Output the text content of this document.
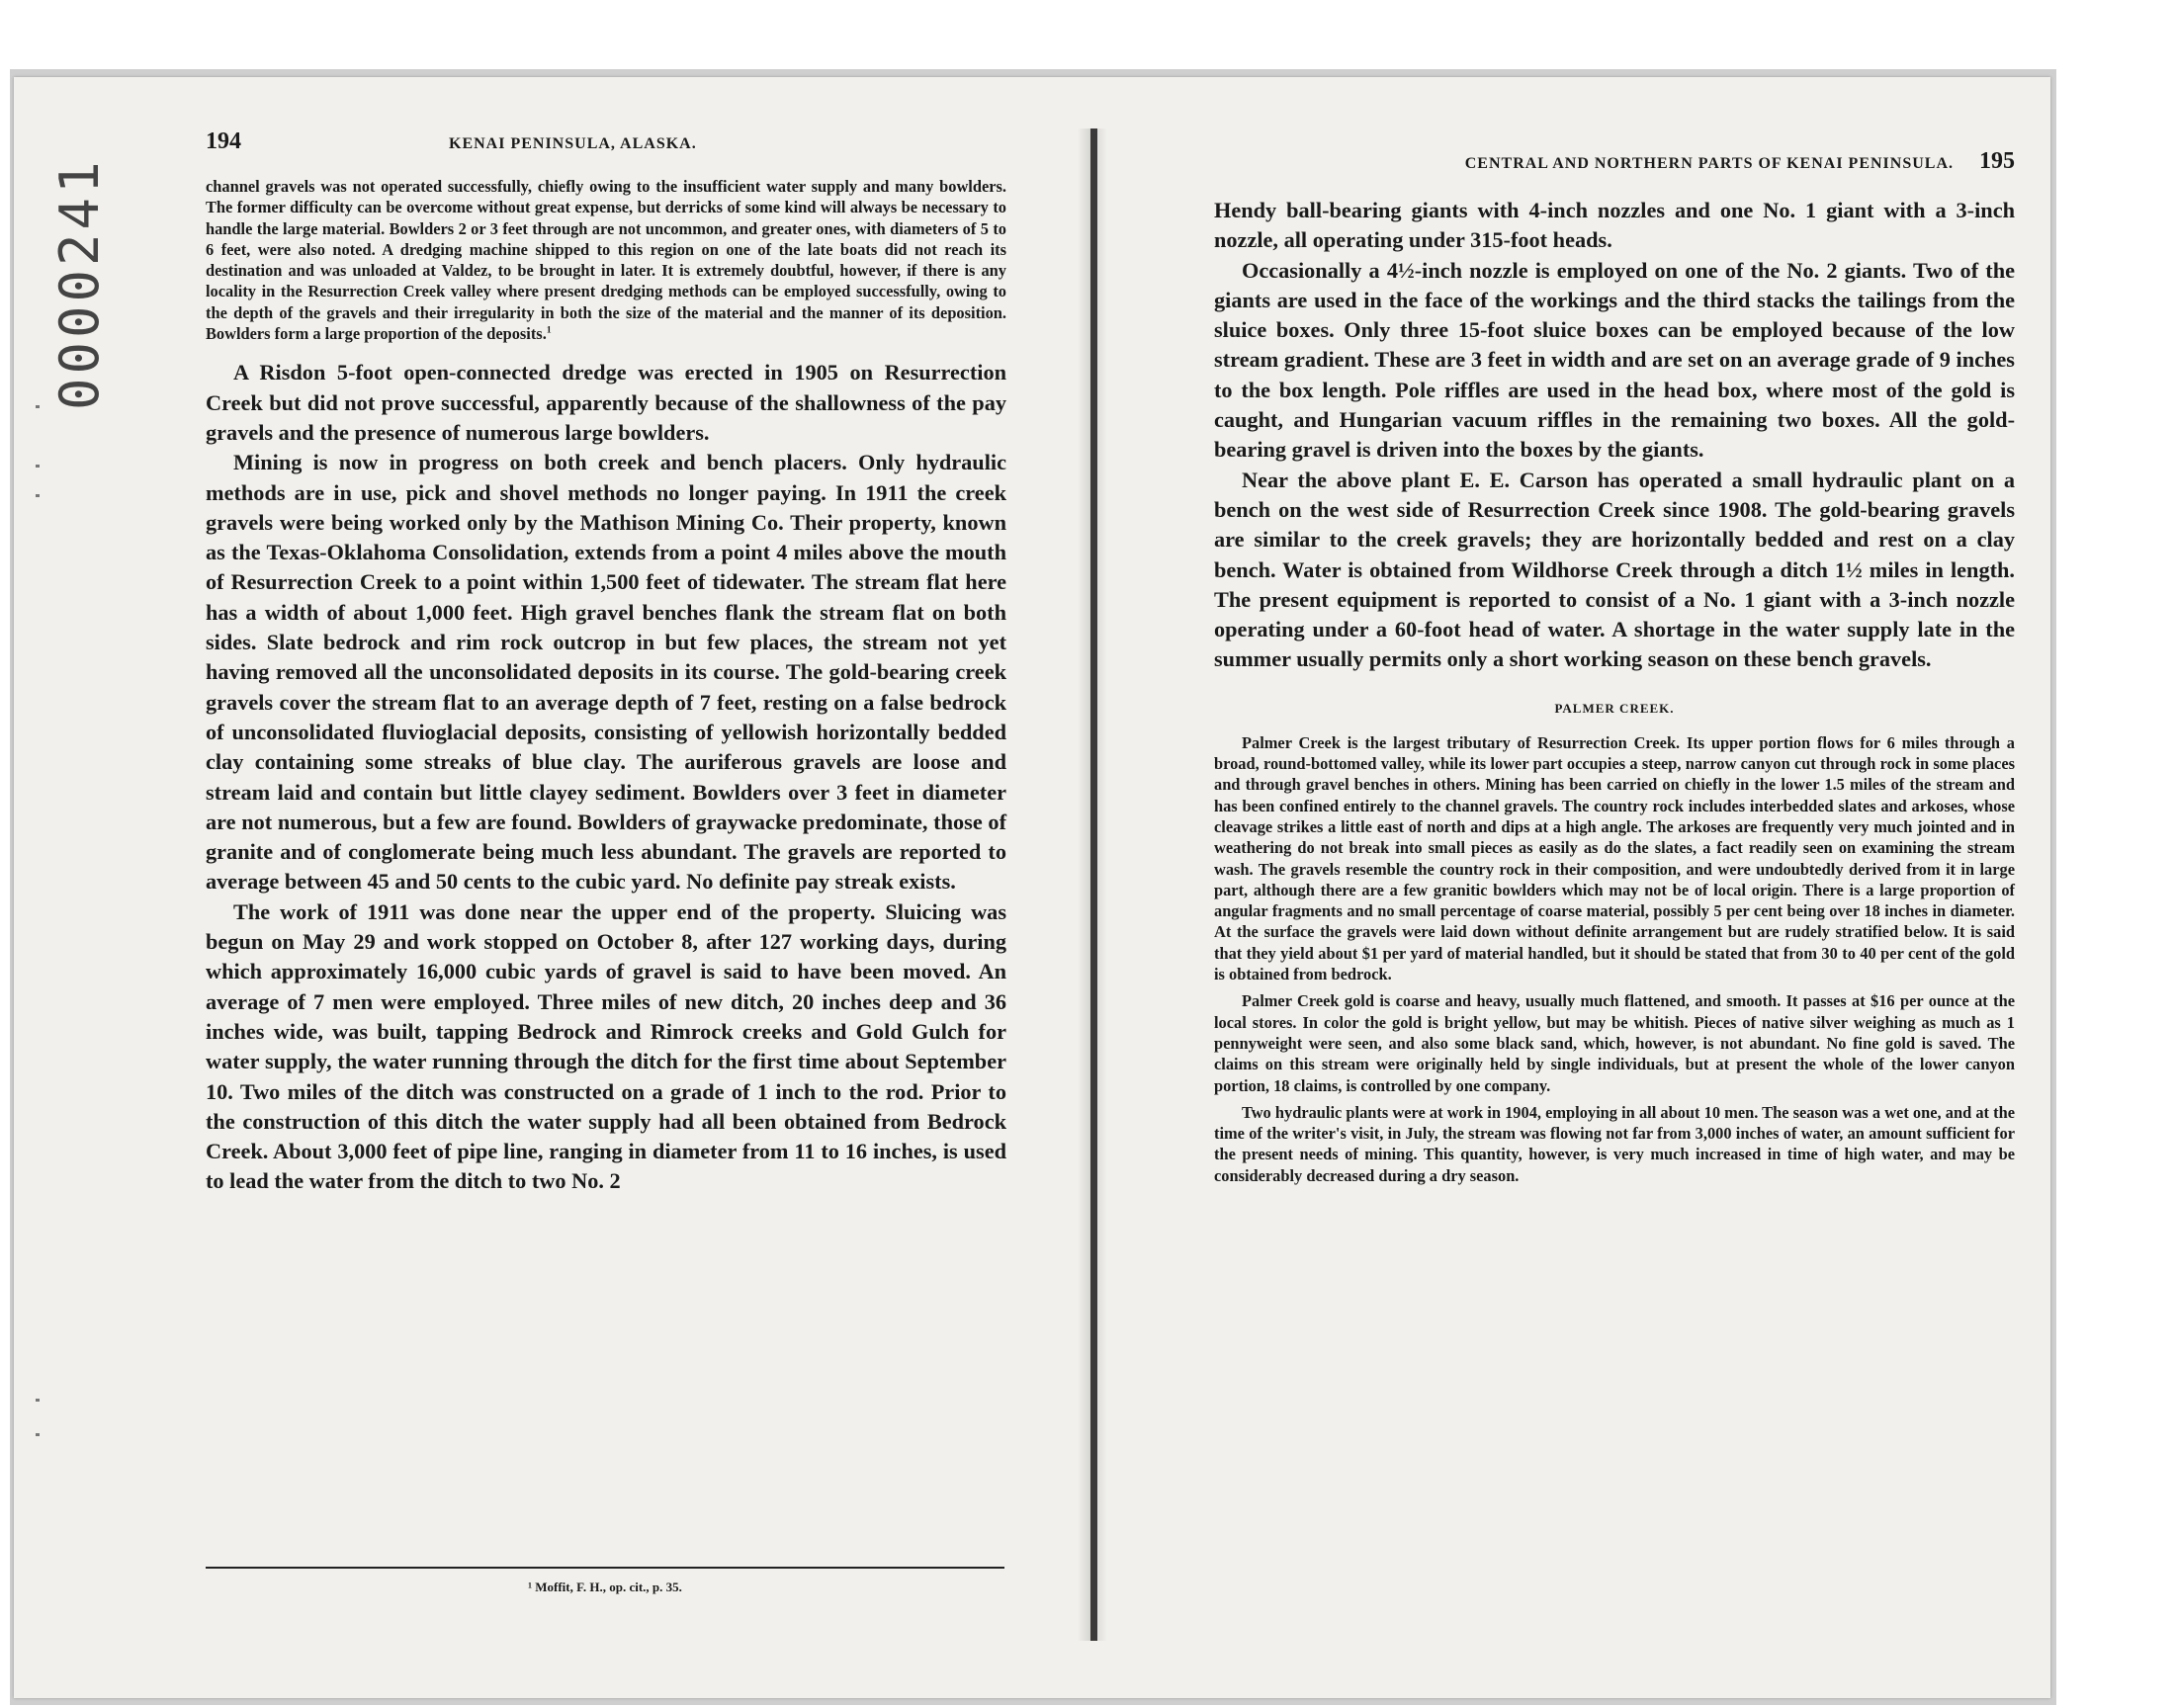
0000241
194	KENAI PENINSULA, ALASKA.

channel gravels was not operated successfully, chiefly owing to the insufficient water supply and many bowlders. The former difficulty can be overcome without great expense, but derricks of some kind will always be necessary to handle the large material. Bowlders 2 or 3 feet through are not uncommon, and greater ones, with diameters of 5 to 6 feet, were also noted. A dredging machine shipped to this region on one of the late boats did not reach its destination and was unloaded at Valdez, to be brought in later. It is extremely doubtful, however, if there is any locality in the Resurrection Creek valley where present dredging methods can be employed successfully, owing to the depth of the gravels and their irregularity in both the size of the material and the manner of its deposition. Bowlders form a large proportion of the deposits.$^1$

A Risdon 5-foot open-connected dredge was erected in 1905 on Resurrection Creek but did not prove successful, apparently because of the shallowness of the pay gravels and the presence of numerous large bowlders.

Mining is now in progress on both creek and bench placers. Only hydraulic methods are in use, pick and shovel methods no longer paying. In 1911 the creek gravels were being worked only by the Mathison Mining Co. Their property, known as the Texas-Oklahoma Consolidation, extends from a point 4 miles above the mouth of Resurrection Creek to a point within 1,500 feet of tidewater. The stream flat here has a width of about 1,000 feet. High gravel benches flank the stream flat on both sides. Slate bedrock and rim rock outcrop in but few places, the stream not yet having removed all the unconsolidated deposits in its course. The gold-bearing creek gravels cover the stream flat to an average depth of 7 feet, resting on a false bedrock of unconsolidated fluvioglacial deposits, consisting of yellowish horizontally bedded clay containing some streaks of blue clay. The auriferous gravels are loose and stream laid and contain but little clayey sediment. Bowlders over 3 feet in diameter are not numerous, but a few are found. Bowlders of graywacke predominate, those of granite and of conglomerate being much less abundant. The gravels are reported to average between 45 and 50 cents to the cubic yard. No definite pay streak exists.

The work of 1911 was done near the upper end of the property. Sluicing was begun on May 29 and work stopped on October 8, after 127 working days, during which approximately 16,000 cubic yards of gravel is said to have been moved. An average of 7 men were employed. Three miles of new ditch, 20 inches deep and 36 inches wide, was built, tapping Bedrock and Rimrock creeks and Gold Gulch for water supply, the water running through the ditch for the first time about September 10. Two miles of the ditch was constructed on a grade of 1 inch to the rod. Prior to the construction of this ditch the water supply had all been obtained from Bedrock Creek. About 3,000 feet of pipe line, ranging in diameter from 11 to 16 inches, is used to lead the water from the ditch to two No. 2

¹ Moffit, F. H., op. cit., p. 35.
CENTRAL AND NORTHERN PARTS OF KENAI PENINSULA. 195

Hendy ball-bearing giants with 4-inch nozzles and one No. 1 giant with a 3-inch nozzle, all operating under 315-foot heads.

Occasionally a 4½-inch nozzle is employed on one of the No. 2 giants. Two of the giants are used in the face of the workings and the third stacks the tailings from the sluice boxes. Only three 15-foot sluice boxes can be employed because of the low stream gradient. These are 3 feet in width and are set on an average grade of 9 inches to the box length. Pole riffles are used in the head box, where most of the gold is caught, and Hungarian vacuum riffles in the remaining two boxes. All the gold-bearing gravel is driven into the boxes by the giants.

Near the above plant E. E. Carson has operated a small hydraulic plant on a bench on the west side of Resurrection Creek since 1908. The gold-bearing gravels are similar to the creek gravels; they are horizontally bedded and rest on a clay bench. Water is obtained from Wildhorse Creek through a ditch 1½ miles in length. The present equipment is reported to consist of a No. 1 giant with a 3-inch nozzle operating under a 60-foot head of water. A shortage in the water supply late in the summer usually permits only a short working season on these bench gravels.

PALMER CREEK.

Palmer Creek is the largest tributary of Resurrection Creek. Its upper portion flows for 6 miles through a broad, round-bottomed valley, while its lower part occupies a steep, narrow canyon cut through rock in some places and through gravel benches in others. Mining has been carried on chiefly in the lower 1.5 miles of the stream and has been confined entirely to the channel gravels. The country rock includes interbedded slates and arkoses, whose cleavage strikes a little east of north and dips at a high angle. The arkoses are frequently very much jointed and in weathering do not break into small pieces as easily as do the slates, a fact readily seen on examining the stream wash. The gravels resemble the country rock in their composition, and were undoubtedly derived from it in large part, although there are a few granitic bowlders which may not be of local origin. There is a large proportion of angular fragments and no small percentage of coarse material, possibly 5 per cent being over 18 inches in diameter. At the surface the gravels were laid down without definite arrangement but are rudely stratified below. It is said that they yield about $1 per yard of material handled, but it should be stated that from 30 to 40 per cent of the gold is obtained from bedrock.

Palmer Creek gold is coarse and heavy, usually much flattened, and smooth. It passes at $16 per ounce at the local stores. In color the gold is bright yellow, but may be whitish. Pieces of native silver weighing as much as 1 pennyweight were seen, and also some black sand, which, however, is not abundant. No fine gold is saved. The claims on this stream were originally held by single individuals, but at present the whole of the lower canyon portion, 18 claims, is controlled by one company.

Two hydraulic plants were at work in 1904, employing in all about 10 men. The season was a wet one, and at the time of the writer's visit, in July, the stream was flowing not far from 3,000 inches of water, an amount sufficient for the present needs of mining. This quantity, however, is very much increased in time of high water, and may be considerably decreased during a dry season.
